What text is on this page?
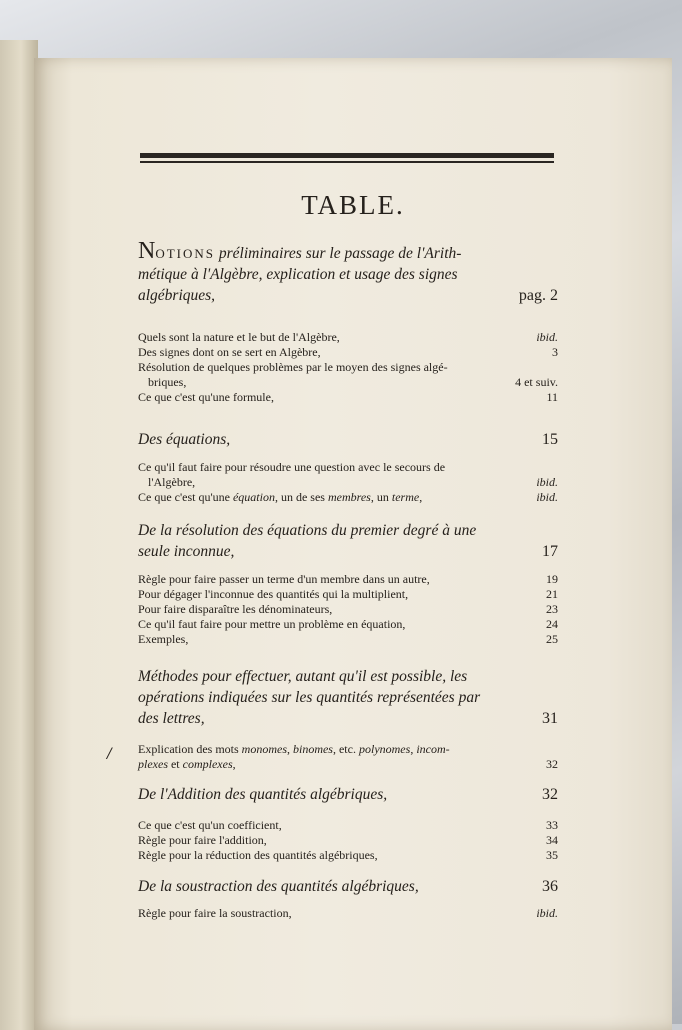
TABLE.
NOTIONS préliminaires sur le passage de l'Arith-
métique à l'Algèbre, explication et usage des signes
algébriques,	pag. 2
Quels sont la nature et le but de l'Algèbre,	ibid.
Des signes dont on se sert en Algèbre,	3
Résolution de quelques problèmes par le moyen des signes algé-
briques,	4 et suiv.
Ce que c'est qu'une formule,	11
Des équations,	15
Ce qu'il faut faire pour résoudre une question avec le secours de
l'Algèbre,	ibid.
Ce que c'est qu'une équation, un de ses membres, un terme,	ibid.
De la résolution des équations du premier degré à une
seule inconnue,	17
Règle pour faire passer un terme d'un membre dans un autre,	19
Pour dégager l'inconnue des quantités qui la multiplient,	21
Pour faire disparaître les dénominateurs,	23
Ce qu'il faut faire pour mettre un problème en équation,	24
Exemples,	25
Méthodes pour effectuer, autant qu'il est possible, les
opérations indiquées sur les quantités représentées par
des lettres,	31
/ Explication des mots monomes, binomes, etc. polynomes, incom-
plexes et complexes,	32
De l'Addition des quantités algébriques,	32
Ce que c'est qu'un coefficient,	33
Règle pour faire l'addition,	34
Règle pour la réduction des quantités algébriques,	35
De la soustraction des quantités algébriques,	36
Règle pour faire la soustraction,	ibid.
